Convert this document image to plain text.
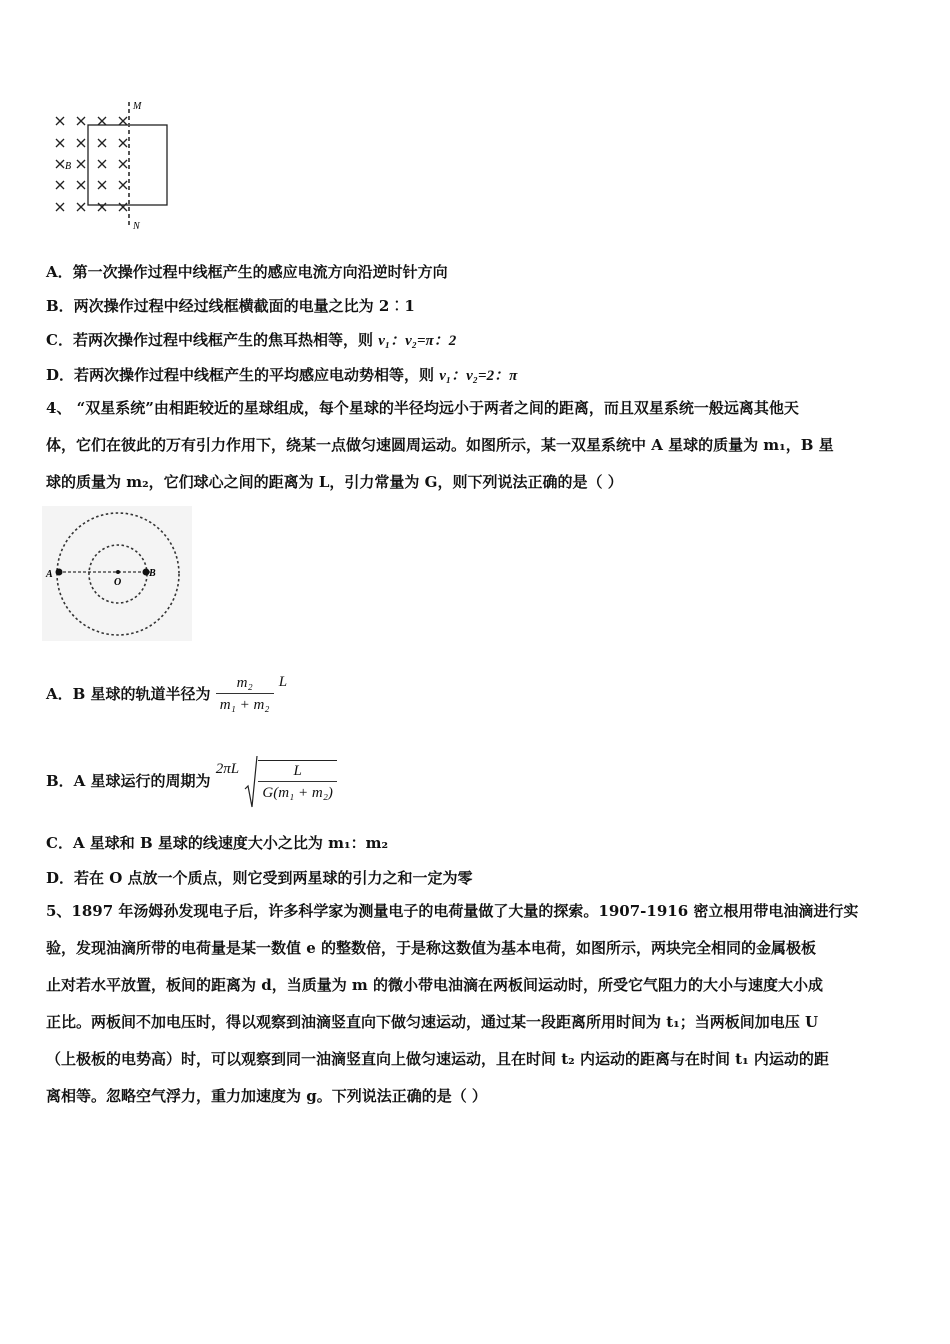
M
N
B
A．第一次操作过程中线框产生的感应电流方向沿逆时针方向
B．两次操作过程中经过线框横截面的电量之比为 2︰1
C．若两次操作过程中线框产生的焦耳热相等，则 v₁：v₂=π：2
D．若两次操作过程中线框产生的平均感应电动势相等，则 v₁：v₂=2：π
4、 “双星系统”由相距较近的星球组成，每个星球的半径均远小于两者之间的距离，而且双星系统一般远离其他天
体，它们在彼此的万有引力作用下，绕某一点做匀速圆周运动。如图所示，某一双星系统中 A 星球的质量为 m₁，B 星
球的质量为 m₂，它们球心之间的距离为 L，引力常量为 G，则下列说法正确的是（ ）
A
O
B
A．B 星球的轨道半径为 $\frac{\text{m₂}}{\text{m₁ + m₂}}$ L
B．A 星球运行的周期为 $2\pi L \frac{L}{\text{G(m₁ + m₂)}}$
C．A 星球和 B 星球的线速度大小之比为 m₁：m₂
D．若在 O 点放一个质点，则它受到两星球的引力之和一定为零
5、1897 年汤姆孙发现电子后，许多科学家为测量电子的电荷量做了大量的探索。1907-1916 密立根用带电油滴进行实
验，发现油滴所带的电荷量是某一数值 e 的整数倍，于是称这数值为基本电荷，如图所示，两块完全相同的金属极板
止对若水平放置，板间的距离为 d，当质量为 m 的微小带电油滴在两板间运动时，所受它气阻力的大小与速度大小成
正比。两板间不加电压时，得以观察到油滴竖直向下做匀速运动，通过某一段距离所用时间为 t₁；当两板间加电压 U
（上极板的电势高）时，可以观察到同一油滴竖直向上做匀速运动，且在时间 t₂ 内运动的距离与在时间 t₁ 内运动的距
离相等。忽略空气浮力，重力加速度为 g。下列说法正确的是（ ）
